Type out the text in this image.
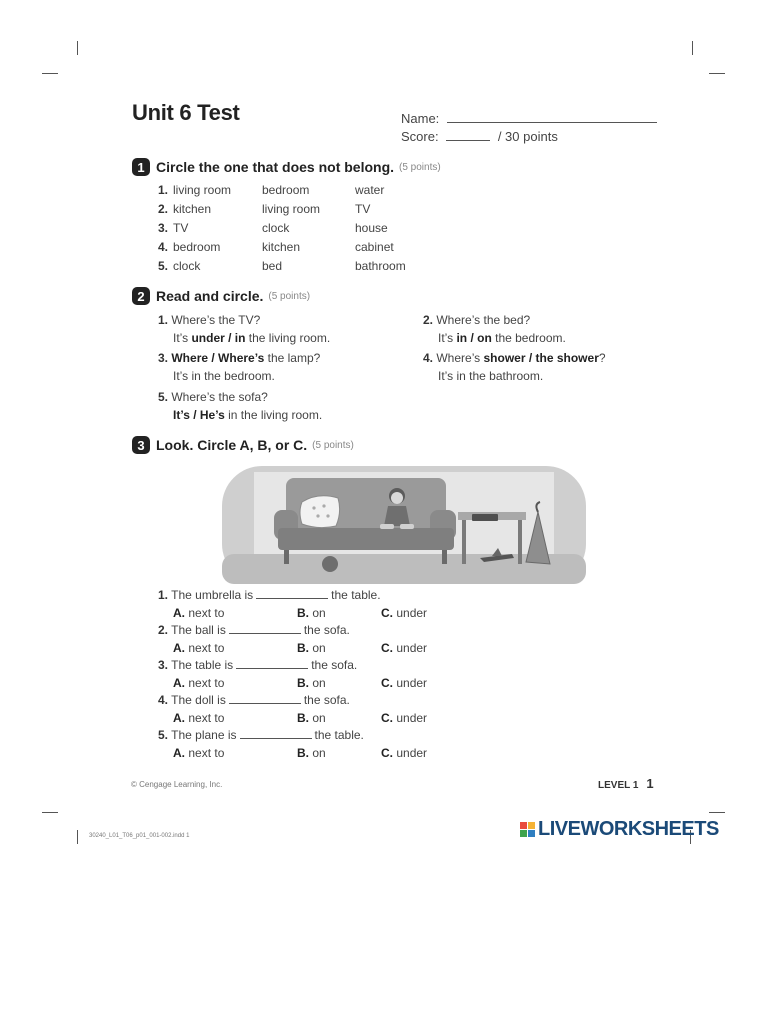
Unit 6 Test	Name:
Score:	/ 30 points
1 Circle the one that does not belong. (5 points)
1. living room	bedroom	water
2. kitchen	living room	TV
3. TV	clock	house
4. bedroom	kitchen	cabinet
5. clock	bed	bathroom
2 Read and circle. (5 points)
1. Where’s the TV?
It’s under / in the living room.
2. Where’s the bed?
It’s in / on the bedroom.
3. Where / Where’s the lamp?
It’s in the bedroom.
4. Where’s shower / the shower?
It’s in the bathroom.
5. Where’s the sofa?
It’s / He’s in the living room.
3 Look. Circle A, B, or C. (5 points)
1. The umbrella is	the table.
A. next to	B. on	C. under
2. The ball is	the sofa.
A. next to	B. on	C. under
3. The table is	the sofa.
A. next to	B. on	C. under
4. The doll is	the sofa.
A. next to	B. on	C. under
5. The plane is	the table.
A. next to	B. on	C. under
© Cengage Learning, Inc.	LEVEL 1 1
30240_L01_T06_p01_001-002.indd 1	LIVEWORKSHEETS
